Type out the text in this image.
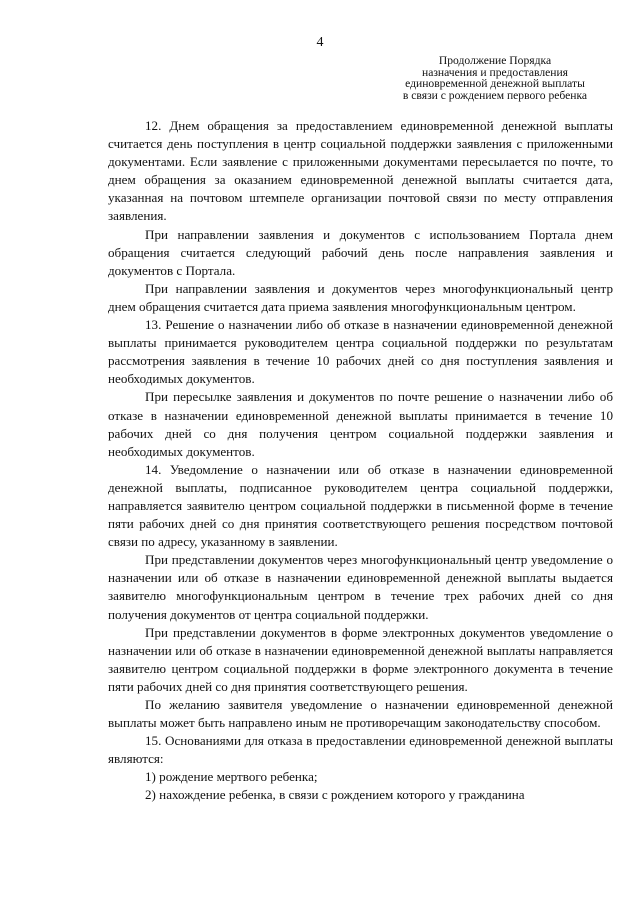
4
Продолжение Порядка
назначения и предоставления
единовременной денежной выплаты
в связи с рождением первого ребенка

12. Днем обращения за предоставлением единовременной денежной выплаты считается день поступления в центр социальной поддержки заявления с приложенными документами. Если заявление с приложенными документами пересылается по почте, то днем обращения за оказанием единовременной денежной выплаты считается дата, указанная на почтовом штемпеле организации почтовой связи по месту отправления заявления.

При направлении заявления и документов с использованием Портала днем обращения считается следующий рабочий день после направления заявления и документов с Портала.

При направлении заявления и документов через многофункциональный центр днем обращения считается дата приема заявления многофункциональным центром.

13. Решение о назначении либо об отказе в назначении единовременной денежной выплаты принимается руководителем центра социальной поддержки по результатам рассмотрения заявления в течение 10 рабочих дней со дня поступления заявления и необходимых документов.

При пересылке заявления и документов по почте решение о назначении либо об отказе в назначении единовременной денежной выплаты принимается в течение 10 рабочих дней со дня получения центром социальной поддержки заявления и необходимых документов.

14. Уведомление о назначении или об отказе в назначении единовременной денежной выплаты, подписанное руководителем центра социальной поддержки, направляется заявителю центром социальной поддержки в письменной форме в течение пяти рабочих дней со дня принятия соответствующего решения посредством почтовой связи по адресу, указанному в заявлении.

При представлении документов через многофункциональный центр уведомление о назначении или об отказе в назначении единовременной денежной выплаты выдается заявителю многофункциональным центром в течение трех рабочих дней со дня получения документов от центра социальной поддержки.

При представлении документов в форме электронных документов уведомление о назначении или об отказе в назначении единовременной денежной выплаты направляется заявителю центром социальной поддержки в форме электронного документа в течение пяти рабочих дней со дня принятия соответствующего решения.

По желанию заявителя уведомление о назначении единовременной денежной выплаты может быть направлено иным не противоречащим законодательству способом.

15. Основаниями для отказа в предоставлении единовременной денежной выплаты являются:

1) рождение мертвого ребенка;

2) нахождение ребенка, в связи с рождением которого у гражданина
